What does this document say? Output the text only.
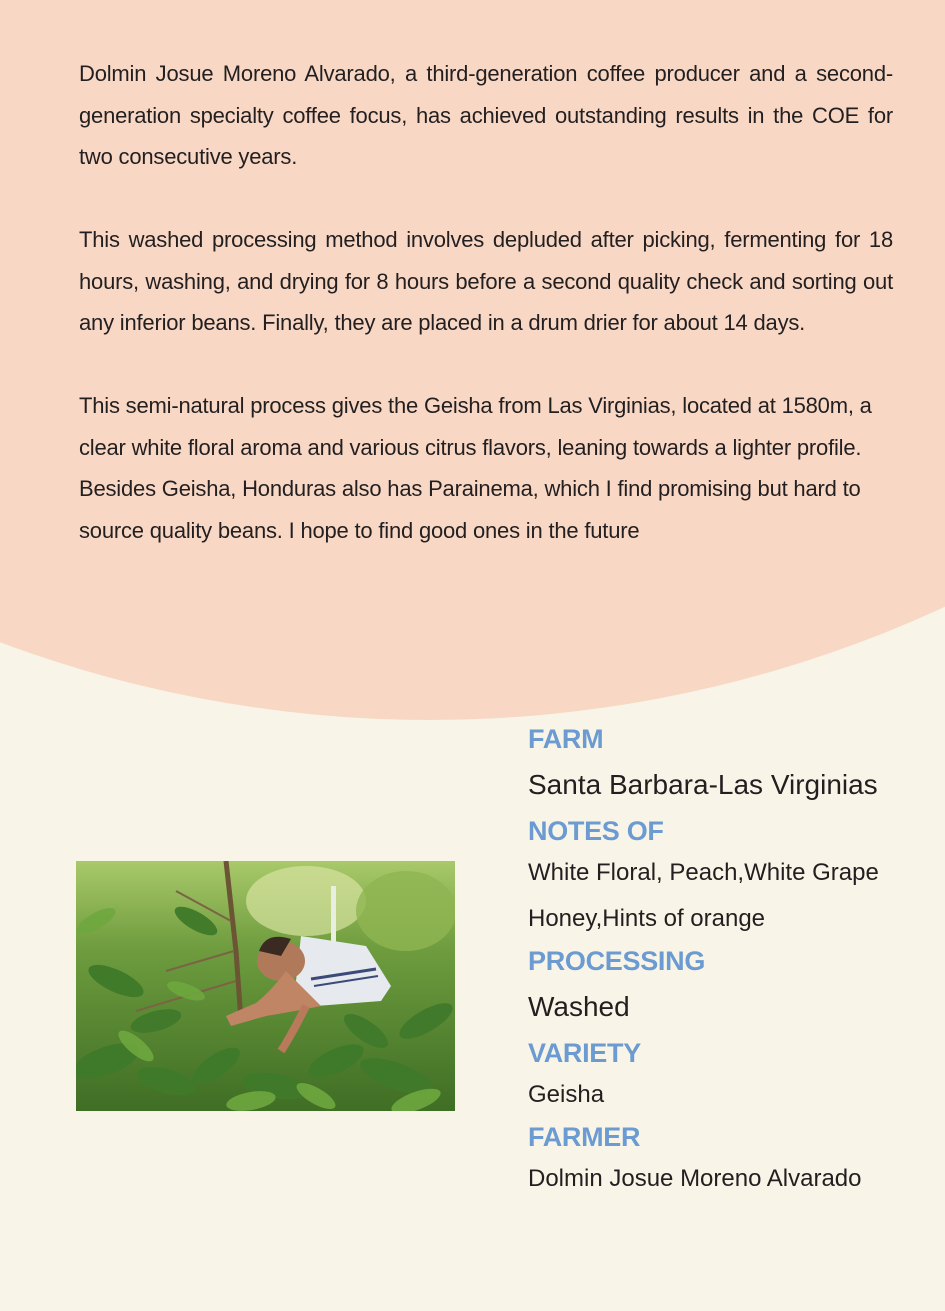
Dolmin Josue Moreno Alvarado, a third-generation coffee producer and a second-generation specialty coffee focus, has achieved outstanding results in the COE for two consecutive years.

This washed processing method involves depluded after picking, fermenting for 18 hours, washing, and drying for 8 hours before a second quality check and sorting out any inferior beans. Finally, they are placed in a drum drier for about 14 days.

This semi-natural process gives the Geisha from Las Virginias, located at 1580m, a clear white floral aroma and various citrus flavors, leaning towards a lighter profile. Besides Geisha, Honduras also has Parainema, which I find promising but hard to source quality beans. I hope to find good ones in the future

FARM

Santa Barbara-Las Virginias

NOTES OF

White Floral, Peach,White Grape

Honey,Hints of orange

PROCESSING

Washed

VARIETY

Geisha

FARMER

Dolmin Josue Moreno Alvarado
